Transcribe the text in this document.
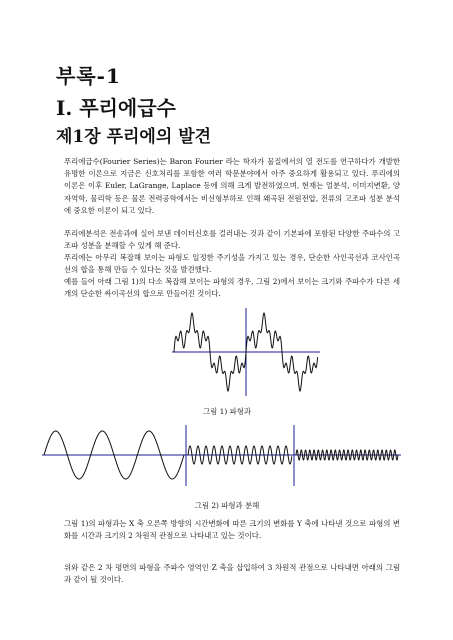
부록-1
Ⅰ. 푸리에급수
제1장 푸리에의 발견

푸리에급수(Fourier Series)는 Baron Fourier 라는 학자가 물질에서의 열 전도를 연구하다가 개발한 유명한 이론으로 지금은 신호처리를 포함한 여러 학문분야에서 아주 중요하게 활용되고 있다. 푸리에의 이론은 이후 Euler, LaGrange, Laplace 등에 의해 크게 발전하였으며, 현재는 얼분석, 이미지변환, 양자역학, 물리학 등은 물론 전력공학에서는 비선형부하로 인해 왜곡된 전원전압, 전류의 고조파 성분 분석에 중요한 이론이 되고 있다.

푸리에분석은 전송과에 실어 보낸 데이터신호를 걸러내는 것과 같이 기본파에 포함된 다양한 주파수의 고조파 성분을 분해할 수 있게 해 준다.

푸리에는 아무리 복잡해 보이는 파형도 일정한 주기성을 가지고 있는 경우, 단순한 사인곡선과 코사인곡선의 합을 통해 만들 수 있다는 것을 발견했다.

예를 들어 아래 그림 1)의 다소 복잡해 보이는 파형의 경우, 그림 2)에서 보이는 크기와 주파수가 다른 세 개의 단순한 싸이곡선의 합으로 만들어진 것이다.

그림 1) 파형과

그림 2) 파형과 분해

그림 1)의 파형과는 X 축 오른쪽 방향의 시간변화에 따른 크기의 변화를 Y 축에 나타낸 것으로 파형의 변화를 시간과 크기의 2 차원적 관점으로 나타내고 있는 것이다.

위와 같은 2 차 평면의 파형을 주파수 영역인 Z 축을 삽입하여 3 차원적 관점으로 나타내면 아래의 그림과 같이 될 것이다.
